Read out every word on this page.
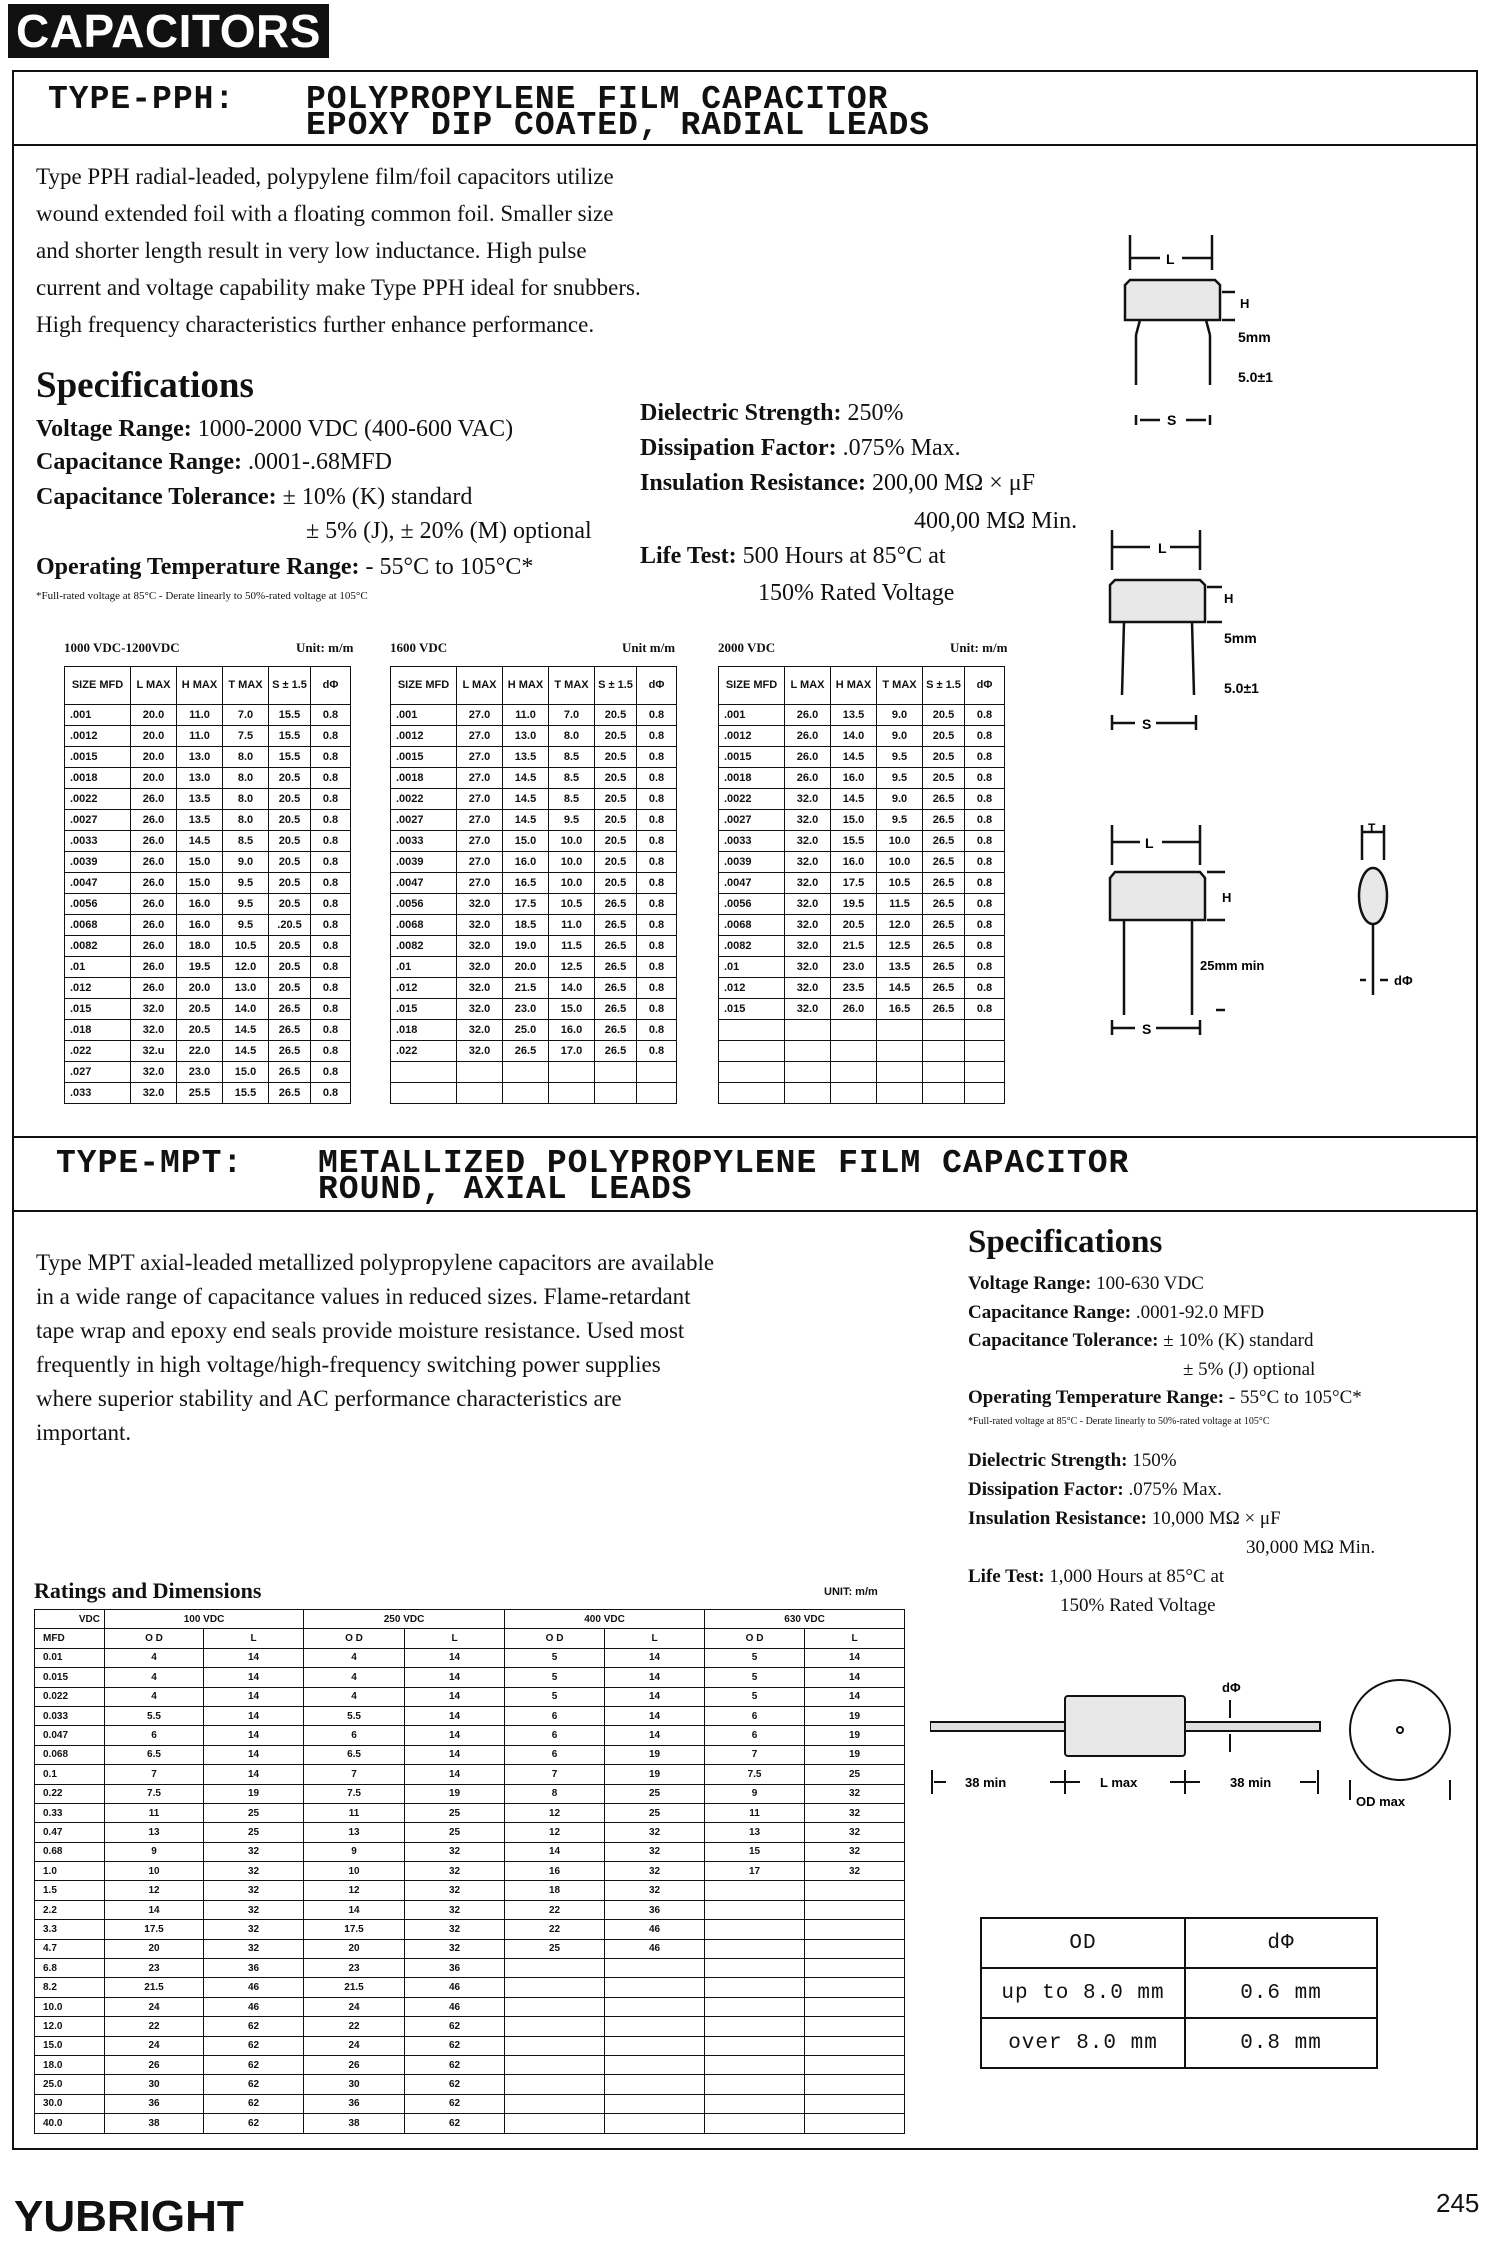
CAPACITORS
TYPE-PPH: POLYPROPYLENE FILM CAPACITOR
EPOXY DIP COATED, RADIAL LEADS
Type PPH radial-leaded, polypylene film/foil capacitors utilize
wound extended foil with a floating common foil. Smaller size
and shorter length result in very low inductance. High pulse
current and voltage capability make Type PPH ideal for snubbers.
High frequency characteristics further enhance performance.
Specifications
Voltage Range: 1000-2000 VDC (400-600 VAC)
Capacitance Range: .0001-.68MFD
Capacitance Tolerance: ± 10% (K) standard
± 5% (J), ± 20% (M) optional
Operating Temperature Range: - 55°C to 105°C*
*Full-rated voltage at 85°C - Derate linearly to 50%-rated voltage at 105°C
Dielectric Strength: 250%
Dissipation Factor: .075% Max.
Insulation Resistance: 200,00 MΩ × μF
400,00 MΩ Min.
Life Test: 500 Hours at 85°C at
150% Rated Voltage
L
H
5mm
5.0±1
S
L
H
5mm
5.0±1
S
L
H
25mm min
S
T
dΦ
TYPE-MPT: METALLIZED POLYPROPYLENE FILM CAPACITOR
ROUND, AXIAL LEADS
Type MPT axial-leaded metallized polypropylene capacitors are available
in a wide range of capacitance values in reduced sizes. Flame-retardant
tape wrap and epoxy end seals provide moisture resistance. Used most
frequently in high voltage/high-frequency switching power supplies
where superior stability and AC performance characteristics are
important.
Specifications
Voltage Range: 100-630 VDC
Capacitance Range: .0001-92.0 MFD
Capacitance Tolerance: ± 10% (K) standard
± 5% (J) optional
Operating Temperature Range: - 55°C to 105°C*
*Full-rated voltage at 85°C - Derate linearly to 50%-rated voltage at 105°C
Dielectric Strength: 150%
Dissipation Factor: .075% Max.
Insulation Resistance: 10,000 MΩ × μF
30,000 MΩ Min.
Life Test: 1,000 Hours at 85°C at
150% Rated Voltage
Ratings and Dimensions	UNIT: m/m
VDC	100 VDC		250 VDC		400 VDC		630 VDC	
MFD	O D	L	O D	L	O D	L	O D	L
0.01	4	14	4	14	5	14	5	14
0.015	4	14	4	14	5	14	5	14
0.022	4	14	4	14	5	14	5	14
0.033	5.5	14	5.5	14	6	14	6	19
0.047	6	14	6	14	6	14	6	19
0.068	6.5	14	6.5	14	6	19	7	19
0.1	7	14	7	14	7	19	7.5	25
0.22	7.5	19	7.5	19	8	25	9	32
0.33	11	25	11	25	12	25	11	32
0.47	13	25	13	25	12	32	13	32
0.68	9	32	9	32	14	32	15	32
1.0	10	32	10	32	16	32	17	32
1.5	12	32	12	32	18	32		
2.2	14	32	14	32	22	36		
3.3	17.5	32	17.5	32	22	46		
4.7	20	32	20	32	25	46		
6.8	23	36	23	36				
8.2	21.5	46	21.5	46				
10.0	24	46	24	46				
12.0	22	62	22	62				
15.0	24	62	24	62				
18.0	26	62	26	62				
25.0	30	62	30	62				
30.0	36	62	36	62				
40.0	38	62	38	62				
dΦ
38 min	L max	38 min
OD max
OD	dΦ
up to 8.0 mm	0.6 mm
over 8.0 mm	0.8 mm
YUBRIGHT	245
1000 VDC-1200VDC	Unit: m/m
SIZE MFD	L MAX	H MAX	T MAX	S ± 1.5	dΦ
.001	20.0	11.0	7.0	15.5	0.8
.0012	20.0	11.0	7.5	15.5	0.8
.0015	20.0	13.0	8.0	15.5	0.8
.0018	20.0	13.0	8.0	20.5	0.8
.0022	26.0	13.5	8.0	20.5	0.8
.0027	26.0	13.5	8.0	20.5	0.8
.0033	26.0	14.5	8.5	20.5	0.8
.0039	26.0	15.0	9.0	20.5	0.8
.0047	26.0	15.0	9.5	20.5	0.8
.0056	26.0	16.0	9.5	20.5	0.8
.0068	26.0	16.0	9.5	.20.5	0.8
.0082	26.0	18.0	10.5	20.5	0.8
.01	26.0	19.5	12.0	20.5	0.8
.012	26.0	20.0	13.0	20.5	0.8
.015	32.0	20.5	14.0	26.5	0.8
.018	32.0	20.5	14.5	26.5	0.8
.022	32.u	22.0	14.5	26.5	0.8
.027	32.0	23.0	15.0	26.5	0.8
.033	32.0	25.5	15.5	26.5	0.8
1600 VDC	Unit m/m
SIZE MFD	L MAX	H MAX	T MAX	S ± 1.5	dΦ
.001	27.0	11.0	7.0	20.5	0.8
.0012	27.0	13.0	8.0	20.5	0.8
.0015	27.0	13.5	8.5	20.5	0.8
.0018	27.0	14.5	8.5	20.5	0.8
.0022	27.0	14.5	8.5	20.5	0.8
.0027	27.0	14.5	9.5	20.5	0.8
.0033	27.0	15.0	10.0	20.5	0.8
.0039	27.0	16.0	10.0	20.5	0.8
.0047	27.0	16.5	10.0	20.5	0.8
.0056	32.0	17.5	10.5	26.5	0.8
.0068	32.0	18.5	11.0	26.5	0.8
.0082	32.0	19.0	11.5	26.5	0.8
.01	32.0	20.0	12.5	26.5	0.8
.012	32.0	21.5	14.0	26.5	0.8
.015	32.0	23.0	15.0	26.5	0.8
.018	32.0	25.0	16.0	26.5	0.8
.022	32.0	26.5	17.0	26.5	0.8

2000 VDC	Unit: m/m
SIZE MFD	L MAX	H MAX	T MAX	S ± 1.5	dΦ
.001	26.0	13.5	9.0	20.5	0.8
.0012	26.0	14.0	9.0	20.5	0.8
.0015	26.0	14.5	9.5	20.5	0.8
.0018	26.0	16.0	9.5	20.5	0.8
.0022	32.0	14.5	9.0	26.5	0.8
.0027	32.0	15.0	9.5	26.5	0.8
.0033	32.0	15.5	10.0	26.5	0.8
.0039	32.0	16.0	10.0	26.5	0.8
.0047	32.0	17.5	10.5	26.5	0.8
.0056	32.0	19.5	11.5	26.5	0.8
.0068	32.0	20.5	12.0	26.5	0.8
.0082	32.0	21.5	12.5	26.5	0.8
.01	32.0	23.0	13.5	26.5	0.8
.012	32.0	23.5	14.5	26.5	0.8
.015	32.0	26.0	16.5	26.5	0.8
